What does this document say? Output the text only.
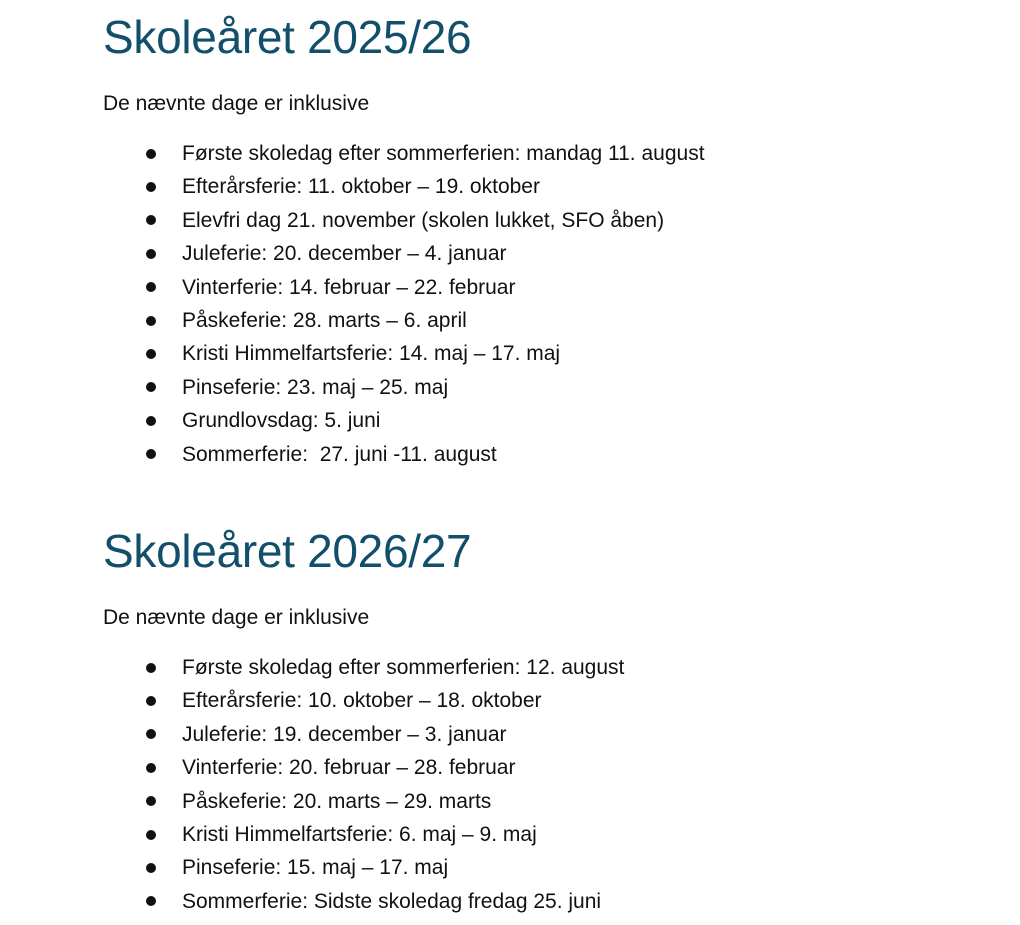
Skoleåret 2025/26

De nævnte dage er inklusive

Første skoledag efter sommerferien: mandag 11. august
Efterårsferie: 11. oktober – 19. oktober
Elevfri dag 21. november (skolen lukket, SFO åben)
Juleferie: 20. december – 4. januar
Vinterferie: 14. februar – 22. februar
Påskeferie: 28. marts – 6. april
Kristi Himmelfartsferie: 14. maj – 17. maj
Pinseferie: 23. maj – 25. maj
Grundlovsdag: 5. juni
Sommerferie:  27. juni -11. august
Skoleåret 2026/27

De nævnte dage er inklusive

Første skoledag efter sommerferien: 12. august
Efterårsferie: 10. oktober – 18. oktober
Juleferie: 19. december – 3. januar
Vinterferie: 20. februar – 28. februar
Påskeferie: 20. marts – 29. marts
Kristi Himmelfartsferie: 6. maj – 9. maj
Pinseferie: 15. maj – 17. maj
Sommerferie: Sidste skoledag fredag 25. juni
